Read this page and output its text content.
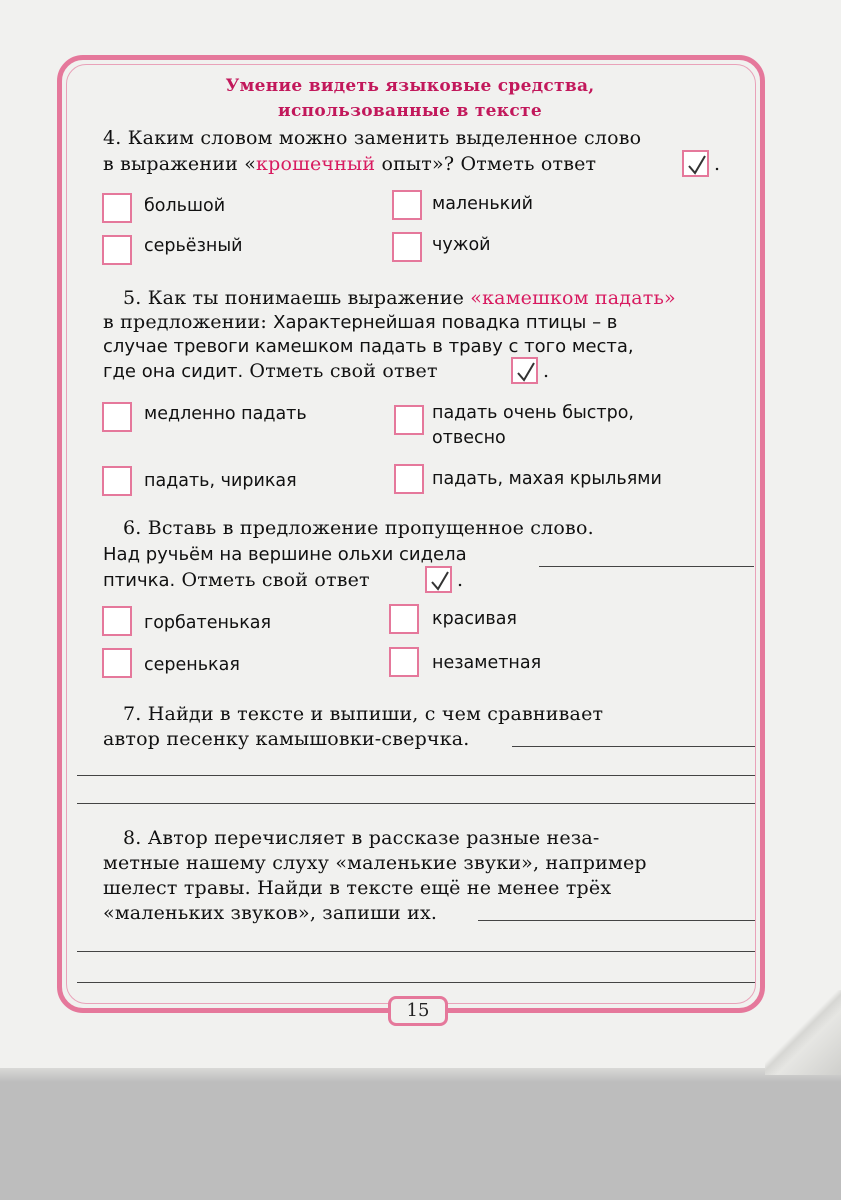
Умение видеть языковые средства,
использованные в тексте
4. Каким словом можно заменить выделенное слово
в выражении «крошечный опыт»? Отметь ответ	.
большой	маленький
серьёзный	чужой
5. Как ты понимаешь выражение «камешком падать»
в предложении: Характернейшая повадка птицы – в
случае тревоги камешком падать в траву с того места,
где она сидит. Отметь свой ответ	.
медленно падать	падать очень быстро,
отвесно
падать, чирикая	падать, махая крыльями
6. Вставь в предложение пропущенное слово.
Над ручьём на вершине ольхи сидела
птичка. Отметь свой ответ	.
горбатенькая	красивая
серенькая	незаметная
7. Найди в тексте и выпиши, с чем сравнивает
автор песенку камышовки-сверчка.
8. Автор перечисляет в рассказе разные неза-
метные нашему слуху «маленькие звуки», например
шелест травы. Найди в тексте ещё не менее трёх
«маленьких звуков», запиши их.
15
